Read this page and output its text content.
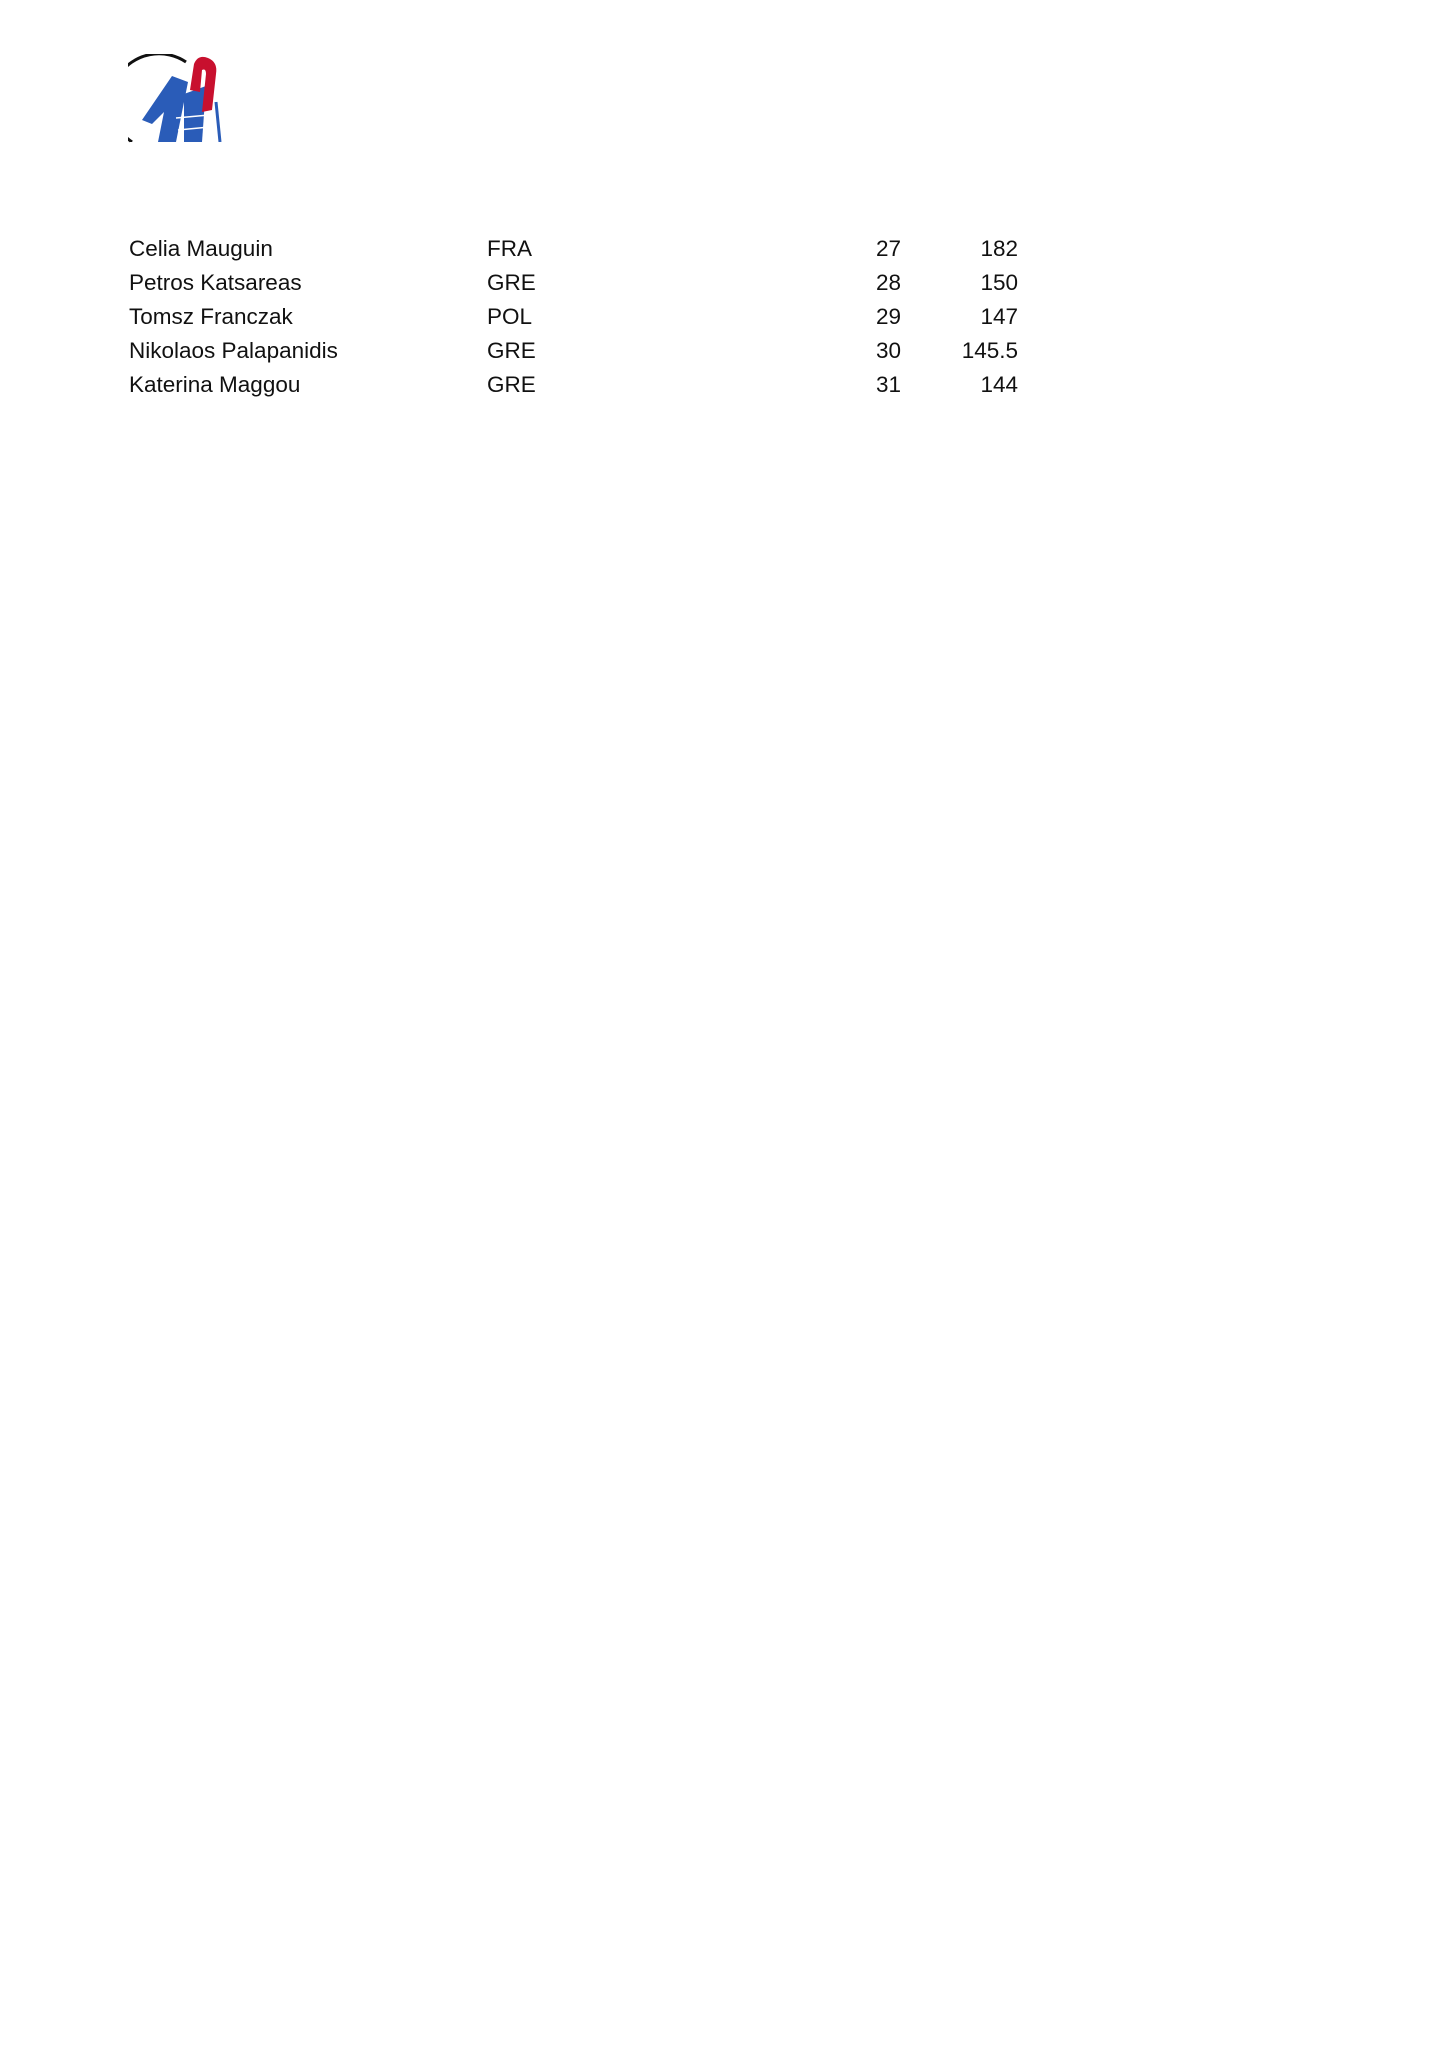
Celia Mauguin	FRA	27	182
Petros Katsareas	GRE	28	150
Tomsz Franczak	POL	29	147
Nikolaos Palapanidis	GRE	30	145.5
Katerina Maggou	GRE	31	144
